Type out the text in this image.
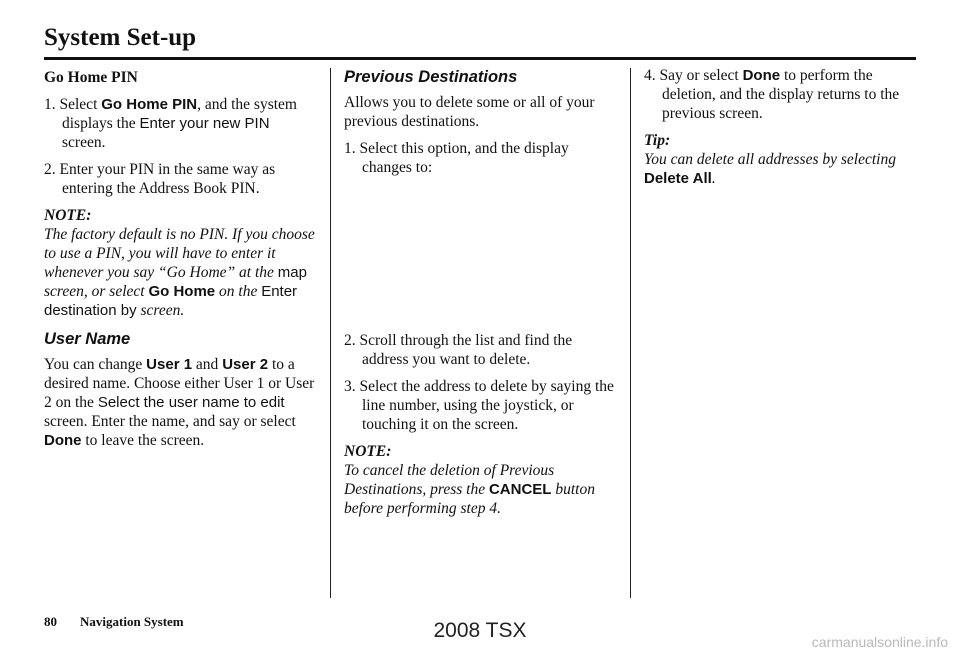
System Set-up

Go Home PIN

1. Select Go Home PIN, and the system displays the Enter your new PIN screen.

2. Enter your PIN in the same way as entering the Address Book PIN.

NOTE:

The factory default is no PIN. If you choose to use a PIN, you will have to enter it whenever you say “Go Home” at the map screen, or select Go Home on the Enter destination by screen.

User Name

You can change User 1 and User 2 to a desired name. Choose either User 1 or User 2 on the Select the user name to edit screen. Enter the name, and say or select Done to leave the screen.

Previous Destinations

Allows you to delete some or all of your previous destinations.

1. Select this option, and the display changes to:

2. Scroll through the list and find the address you want to delete.

3. Select the address to delete by saying the line number, using the joystick, or touching it on the screen.

NOTE:

To cancel the deletion of Previous Destinations, press the CANCEL button before performing step 4.

4. Say or select Done to perform the deletion, and the display returns to the previous screen.

Tip:

You can delete all addresses by selecting Delete All.

80 Navigation System	2008 TSX	carmanualsonline.info
